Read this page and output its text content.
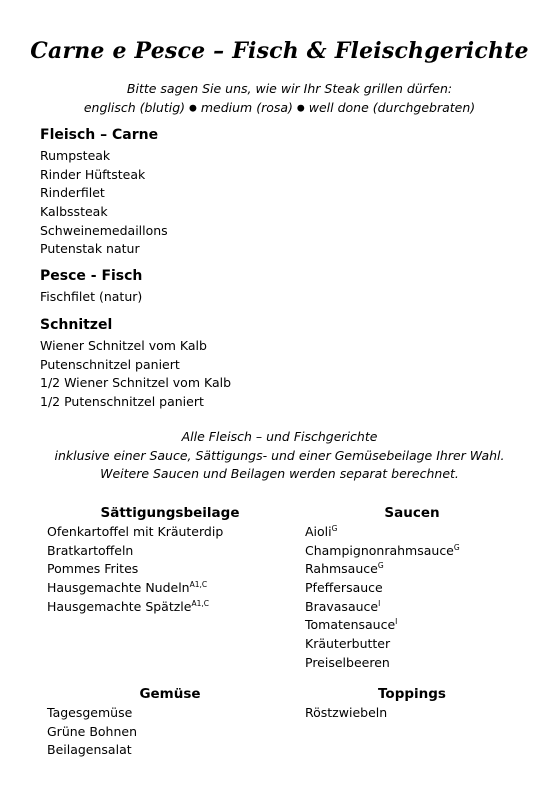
Carne e Pesce – Fisch & Fleischgerichte
Bitte sagen Sie uns, wie wir Ihr Steak grillen dürfen:
englisch (blutig) ● medium (rosa) ● well done (durchgebraten)
Fleisch – Carne
Rumpsteak
Rinder Hüftsteak
Rinderfilet
Kalbssteak
Schweinemedaillons
Putenstak natur
Pesce - Fisch
Fischfilet (natur)
Schnitzel
Wiener Schnitzel vom Kalb
Putenschnitzel paniert
1/2 Wiener Schnitzel vom Kalb
1/2 Putenschnitzel paniert
Alle Fleisch – und Fischgerichte
inklusive einer Sauce, Sättigungs- und einer Gemüsebeilage Ihrer Wahl.
Weitere Saucen und Beilagen werden separat berechnet.
Sättigungsbeilage
Ofenkartoffel mit Kräuterdip
Bratkartoffeln
Pommes Frites
Hausgemachte Nudeln$^{A1,C}$
Hausgemachte Spätzle$^{A1,C}$
Saucen
Aioli$^G$
Champignonrahmsauce$^G$
Rahmsauce$^G$
Pfeffersauce
Bravasauce$^I$
Tomatensauce$^I$
Kräuterbutter
Preiselbeeren
Gemüse
Tagesgemüse
Grüne Bohnen
Beilagensalat
Toppings
Röstzwiebeln
